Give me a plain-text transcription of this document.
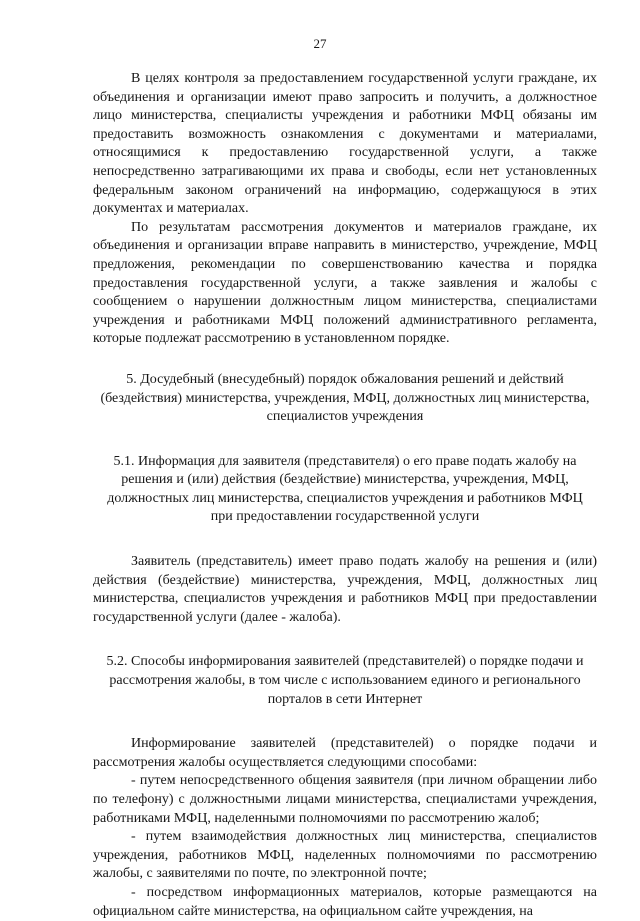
27

В целях контроля за предоставлением государственной услуги граждане, их объединения и организации имеют право запросить и получить, а должностное лицо министерства, специалисты учреждения и работники МФЦ обязаны им предоставить возможность ознакомления с документами и материалами, относящимися к предоставлению государственной услуги, а также непосредственно затрагивающими их права и свободы, если нет установленных федеральным законом ограничений на информацию, содержащуюся в этих документах и материалах.

По результатам рассмотрения документов и материалов граждане, их объединения и организации вправе направить в министерство, учреждение, МФЦ предложения, рекомендации по совершенствованию качества и порядка предоставления государственной услуги, а также заявления и жалобы с сообщением о нарушении должностным лицом министерства, специалистами учреждения и работниками МФЦ положений административного регламента, которые подлежат рассмотрению в установленном порядке.

5. Досудебный (внесудебный) порядок обжалования решений и действий (бездействия) министерства, учреждения, МФЦ, должностных лиц министерства, специалистов учреждения

5.1. Информация для заявителя (представителя) о его праве подать жалобу на решения и (или) действия (бездействие) министерства, учреждения, МФЦ, должностных лиц министерства, специалистов учреждения и работников МФЦ при предоставлении государственной услуги

Заявитель (представитель) имеет право подать жалобу на решения и (или) действия (бездействие) министерства, учреждения, МФЦ, должностных лиц министерства, специалистов учреждения и работников МФЦ при предоставлении государственной услуги (далее - жалоба).

5.2. Способы информирования заявителей (представителей) о порядке подачи и рассмотрения жалобы, в том числе с использованием единого и регионального порталов в сети Интернет

Информирование заявителей (представителей) о порядке подачи и рассмотрения жалобы осуществляется следующими способами:

- путем непосредственного общения заявителя (при личном обращении либо по телефону) с должностными лицами министерства, специалистами учреждения, работниками МФЦ, наделенными полномочиями по рассмотрению жалоб;

- путем взаимодействия должностных лиц министерства, специалистов учреждения, работников МФЦ, наделенных полномочиями по рассмотрению жалобы, с заявителями по почте, по электронной почте;

- посредством информационных материалов, которые размещаются на официальном сайте министерства, на официальном сайте учреждения, на
